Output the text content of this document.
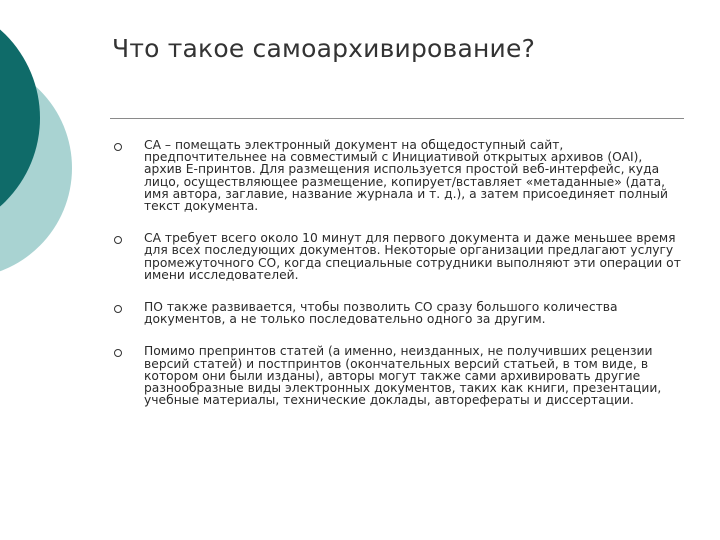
Что такое самоархивирование?

СА – помещать электронный документ на общедоступный сайт, предпочтительнее на совместимый с Инициативой открытых архивов (OAI), архив Е-принтов. Для размещения используется простой веб-интерфейс, куда лицо, осуществляющее размещение, копирует/вставляет «метаданные» (дата, имя автора, заглавие, название журнала и т. д.), а затем присоединяет полный текст документа.

СА требует всего около 10 минут для первого документа и даже меньшее время для всех последующих документов. Некоторые организации предлагают услугу промежуточного СО, когда специальные сотрудники выполняют эти операции от имени исследователей.

ПО также развивается, чтобы позволить СО сразу большого количества документов, а не только последовательно одного за другим.

Помимо препринтов статей (а именно, неизданных, не получивших рецензии версий статей) и постпринтов (окончательных версий статьей, в том виде, в котором они были изданы), авторы могут также сами архивировать другие разнообразные виды электронных документов, таких как книги, презентации, учебные материалы, технические доклады, авторефераты и диссертации.
